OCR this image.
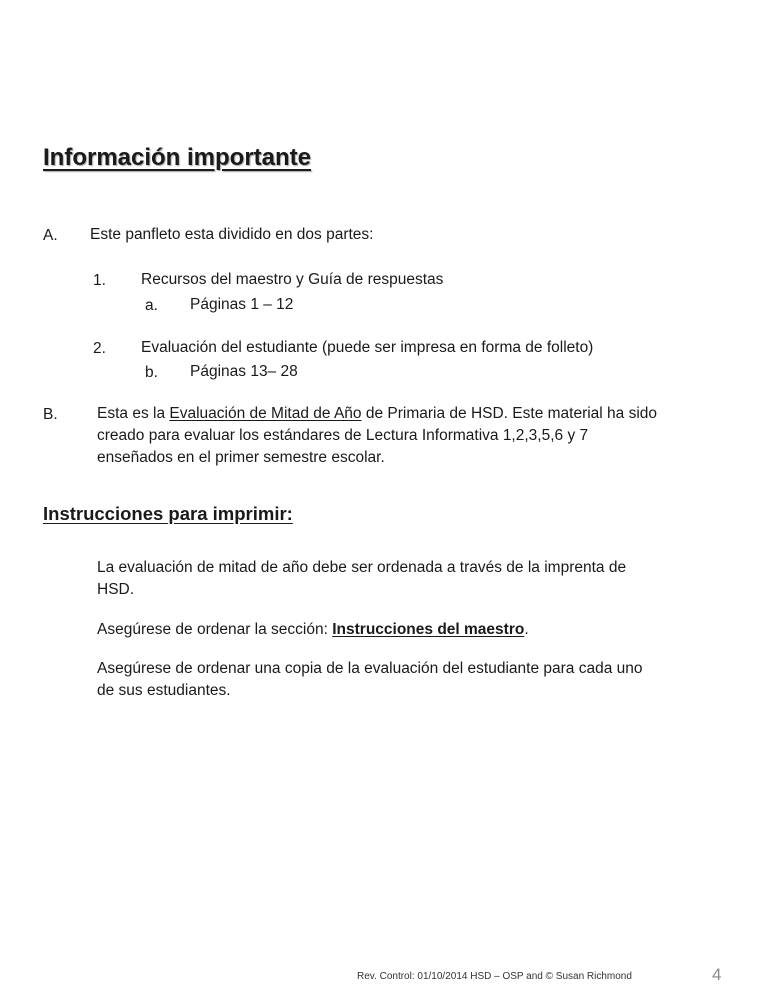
Información importante
A. Este panfleto esta dividido en dos partes:
1. Recursos del maestro y Guía de respuestas
a. Páginas 1 – 12
2. Evaluación del estudiante (puede ser impresa en forma de folleto)
b. Páginas 13– 28
B.	Esta es la Evaluación de Mitad de Año de Primaria de HSD. Este material ha sido
creado para evaluar los estándares de Lectura Informativa 1,2,3,5,6 y 7
enseñados en el primer semestre escolar.
Instrucciones para imprimir:
La evaluación de mitad de año debe ser ordenada a través de la imprenta de
HSD.
Asegúrese de ordenar la sección: Instrucciones del maestro.
Asegúrese de ordenar una copia de la evaluación del estudiante para cada uno
de sus estudiantes.
Rev. Control: 01/10/2014 HSD – OSP and © Susan Richmond	4
